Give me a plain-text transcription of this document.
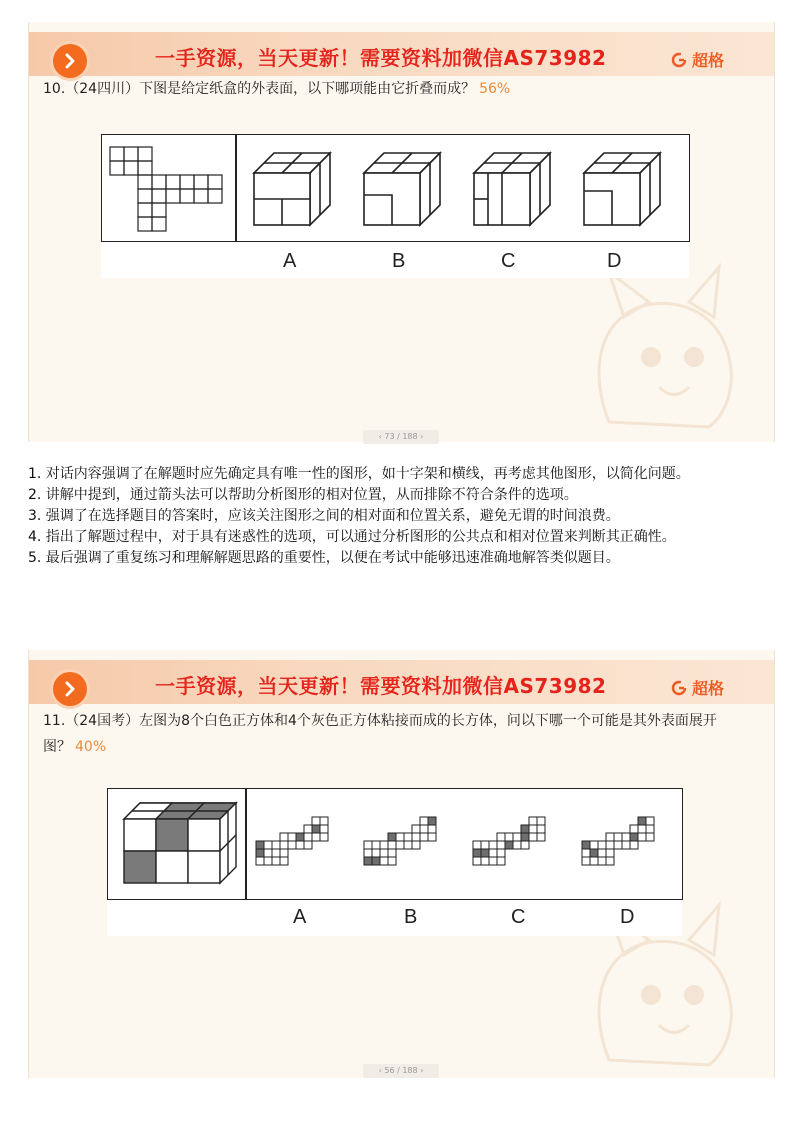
一手资源，当天更新！需要资料加微信AS73982	超格
10.（24四川）下图是给定纸盒的外表面，以下哪项能由它折叠而成？ 56%
A	B	C	D
‹ 73 / 188 ›
1. 对话内容强调了在解题时应先确定具有唯一性的图形，如十字架和横线，再考虑其他图形，以简化问题。
2. 讲解中提到，通过箭头法可以帮助分析图形的相对位置，从而排除不符合条件的选项。
3. 强调了在选择题目的答案时，应该关注图形之间的相对面和位置关系，避免无谓的时间浪费。
4. 指出了解题过程中，对于具有迷惑性的选项，可以通过分析图形的公共点和相对位置来判断其正确性。
5. 最后强调了重复练习和理解解题思路的重要性，以便在考试中能够迅速准确地解答类似题目。
一手资源，当天更新！需要资料加微信AS73982	超格
11.（24国考）左图为8个白色正方体和4个灰色正方体粘接而成的长方体，问以下哪一个可能是其外表面展开图？ 40%
A	B	C	D
‹ 56 / 188 ›
